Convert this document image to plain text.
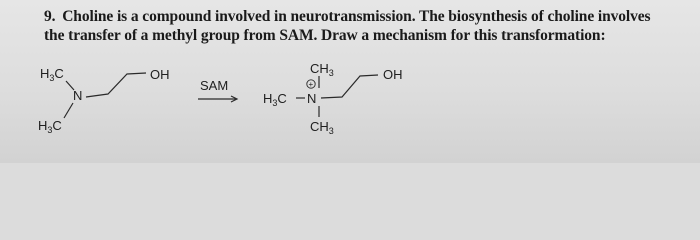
9. Choline is a compound involved in neurotransmission. The biosynthesis of choline involves
the transfer of a methyl group from SAM. Draw a mechanism for this transformation:
$H_3C$
N
$H_3C$
OH
SAM
$CH_3$
+
$H_3C$ N
$CH_3$
OH
